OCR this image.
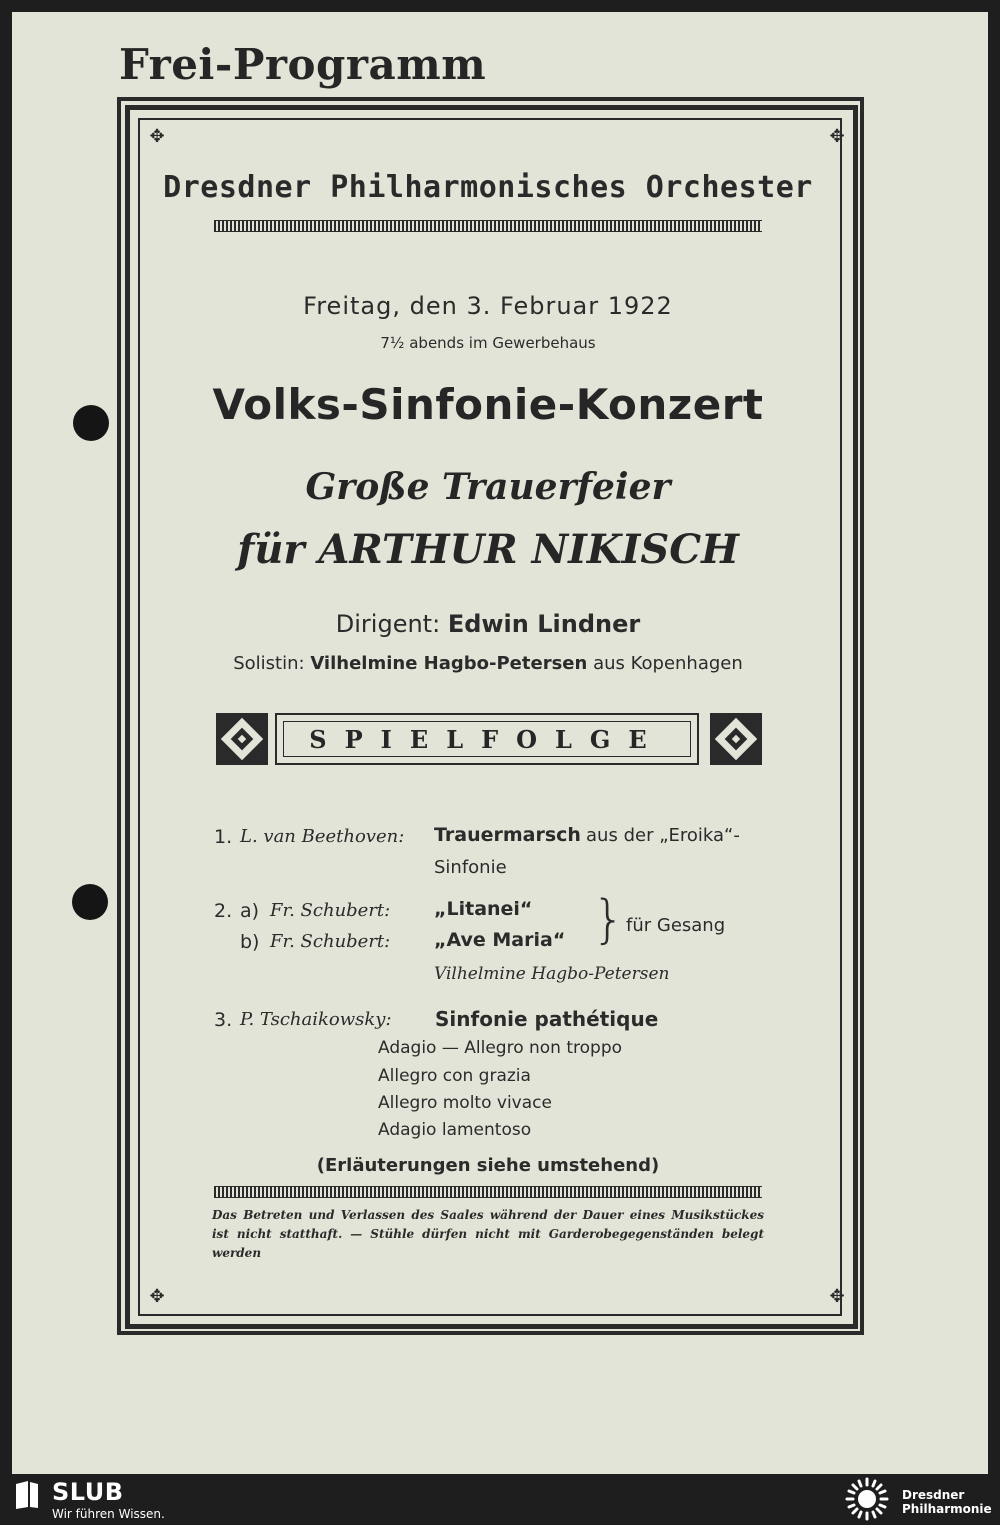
Frei-Programm
✥	✥
✥	✥
Dresdner Philharmonisches Orchester
Freitag, den 3. Februar 1922
7½ abends im Gewerbehaus
Volks-Sinfonie-Konzert
Große Trauerfeier
für ARTHUR NIKISCH
Dirigent: Edwin Lindner
Solistin: Vilhelmine Hagbo-Petersen aus Kopenhagen
SPIELFOLGE
1. L. van Beethoven: Trauermarsch aus der „Eroika“-
Sinfonie
2. a) Fr. Schubert: „Litanei“
b) Fr. Schubert: „Ave Maria“ } für Gesang
Vilhelmine Hagbo-Petersen
3. P. Tschaikowsky: Sinfonie pathétique
Adagio — Allegro non troppo
Allegro con grazia
Allegro molto vivace
Adagio lamentoso
(Erläuterungen siehe umstehend)
Das Betreten und Verlassen des Saales während der Dauer eines Musikstückes ist nicht statthaft. — Stühle dürfen nicht mit Garderobegegenständen belegt werden
SLUB
Wir führen Wissen.
Dresdner
Philharmonie
